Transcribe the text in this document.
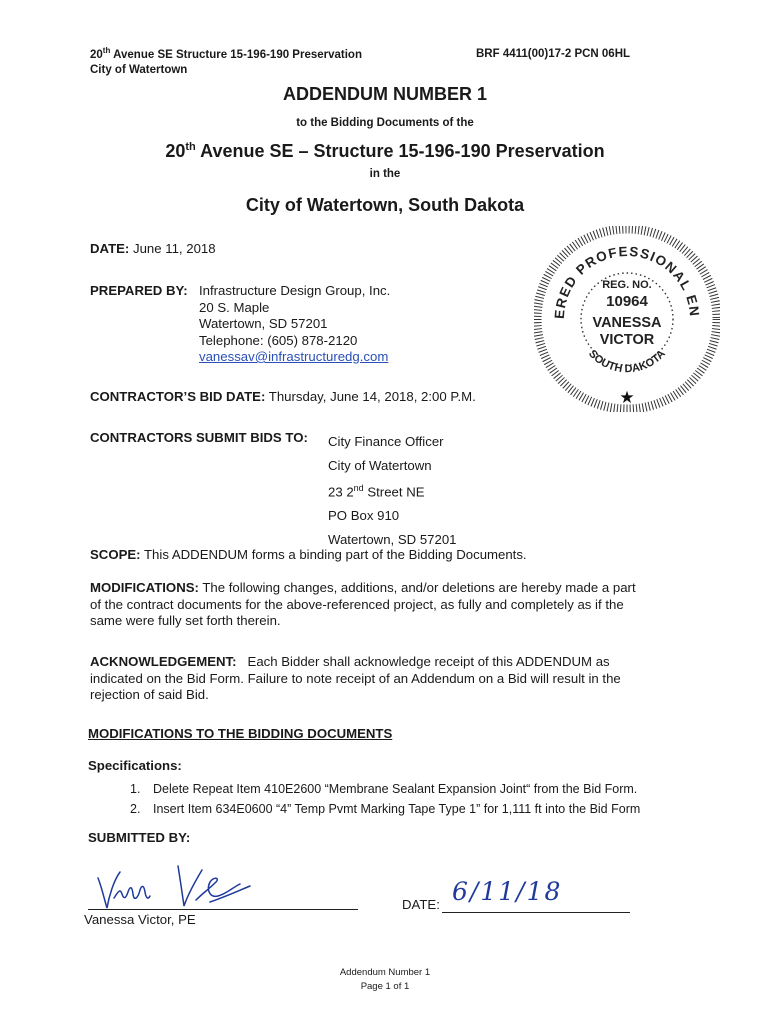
20th Avenue SE Structure 15-196-190 Preservation
City of Watertown
BRF 4411(00)17-2 PCN 06HL
ADDENDUM NUMBER 1
to the Bidding Documents of the
20th Avenue SE – Structure 15-196-190 Preservation
in the
City of Watertown, South Dakota
DATE: June 11, 2018
PREPARED BY: Infrastructure Design Group, Inc.
20 S. Maple
Watertown, SD 57201
Telephone: (605) 878-2120
vanessav@infrastructuredg.com
ERED PROFESSIONAL EN
SOUTH DAKOTA
REG. NO.
10964
VANESSA
VICTOR
★
CONTRACTOR’S BID DATE: Thursday, June 14, 2018, 2:00 P.M.
CONTRACTORS SUBMIT BIDS TO: City Finance Officer
City of Watertown
23 2nd Street NE
PO Box 910
Watertown, SD 57201
SCOPE: This ADDENDUM forms a binding part of the Bidding Documents.
MODIFICATIONS: The following changes, additions, and/or deletions are hereby made a part
of the contract documents for the above-referenced project, as fully and completely as if the
same were fully set forth therein.
ACKNOWLEDGEMENT: Each Bidder shall acknowledge receipt of this ADDENDUM as
indicated on the Bid Form. Failure to note receipt of an Addendum on a Bid will result in the
rejection of said Bid.
MODIFICATIONS TO THE BIDDING DOCUMENTS
Specifications:
1. Delete Repeat Item 410E2600 “Membrane Sealant Expansion Joint“ from the Bid Form.
2. Insert Item 634E0600 “4” Temp Pvmt Marking Tape Type 1” for 1,111 ft into the Bid Form
SUBMITTED BY:
Vanessa Victor, PE
DATE: 6/11/18
Addendum Number 1
Page 1 of 1
